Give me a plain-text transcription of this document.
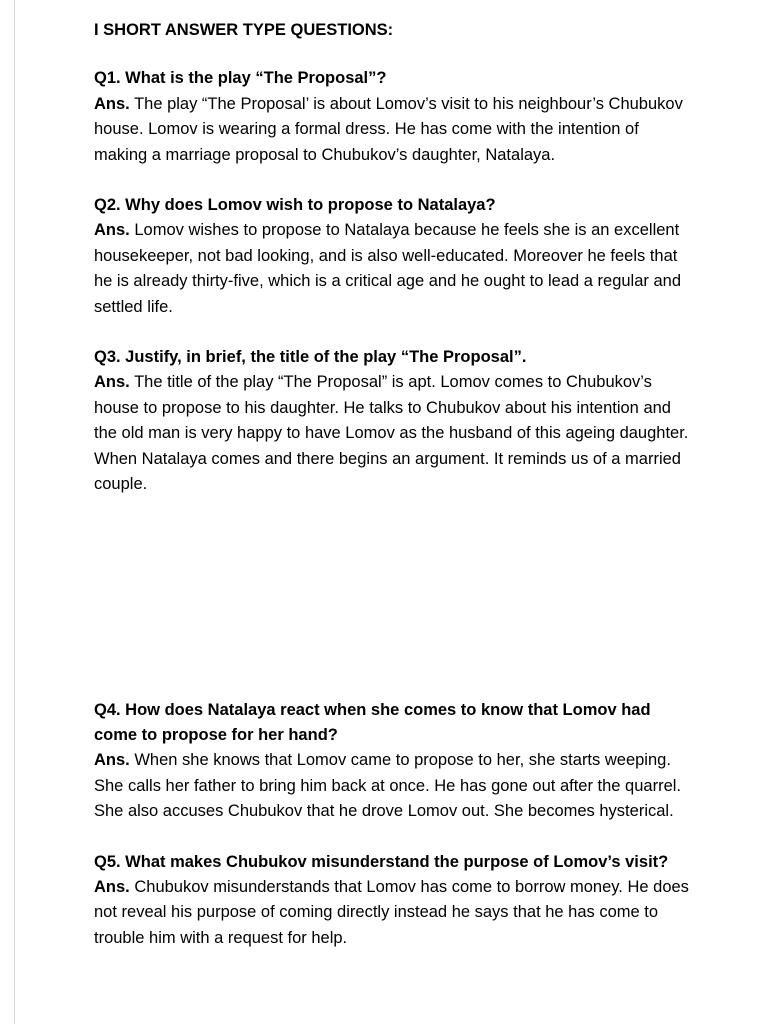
I SHORT ANSWER TYPE QUESTIONS:

Q1. What is the play “The Proposal”?

Ans. The play “The Proposal’ is about Lomov’s visit to his neighbour’s Chubukov house. Lomov is wearing a formal dress. He has come with the intention of making a marriage proposal to Chubukov’s daughter, Natalaya.

Q2. Why does Lomov wish to propose to Natalaya?

Ans. Lomov wishes to propose to Natalaya because he feels she is an excellent housekeeper, not bad looking, and is also well-educated. Moreover he feels that he is already thirty-five, which is a critical age and he ought to lead a regular and settled life.

Q3. Justify, in brief, the title of the play “The Proposal”.

Ans. The title of the play “The Proposal” is apt. Lomov comes to Chubukov’s house to propose to his daughter. He talks to Chubukov about his intention and the old man is very happy to have Lomov as the husband of this ageing daughter. When Natalaya comes and there begins an argument. It reminds us of a married couple.

Q4. How does Natalaya react when she comes to know that Lomov had come to propose for her hand?

Ans. When she knows that Lomov came to propose to her, she starts weeping. She calls her father to bring him back at once. He has gone out after the quarrel. She also accuses Chubukov that he drove Lomov out. She becomes hysterical.

Q5. What makes Chubukov misunderstand the purpose of Lomov’s visit?

Ans. Chubukov misunderstands that Lomov has come to borrow money. He does not reveal his purpose of coming directly instead he says that he has come to trouble him with a request for help.
